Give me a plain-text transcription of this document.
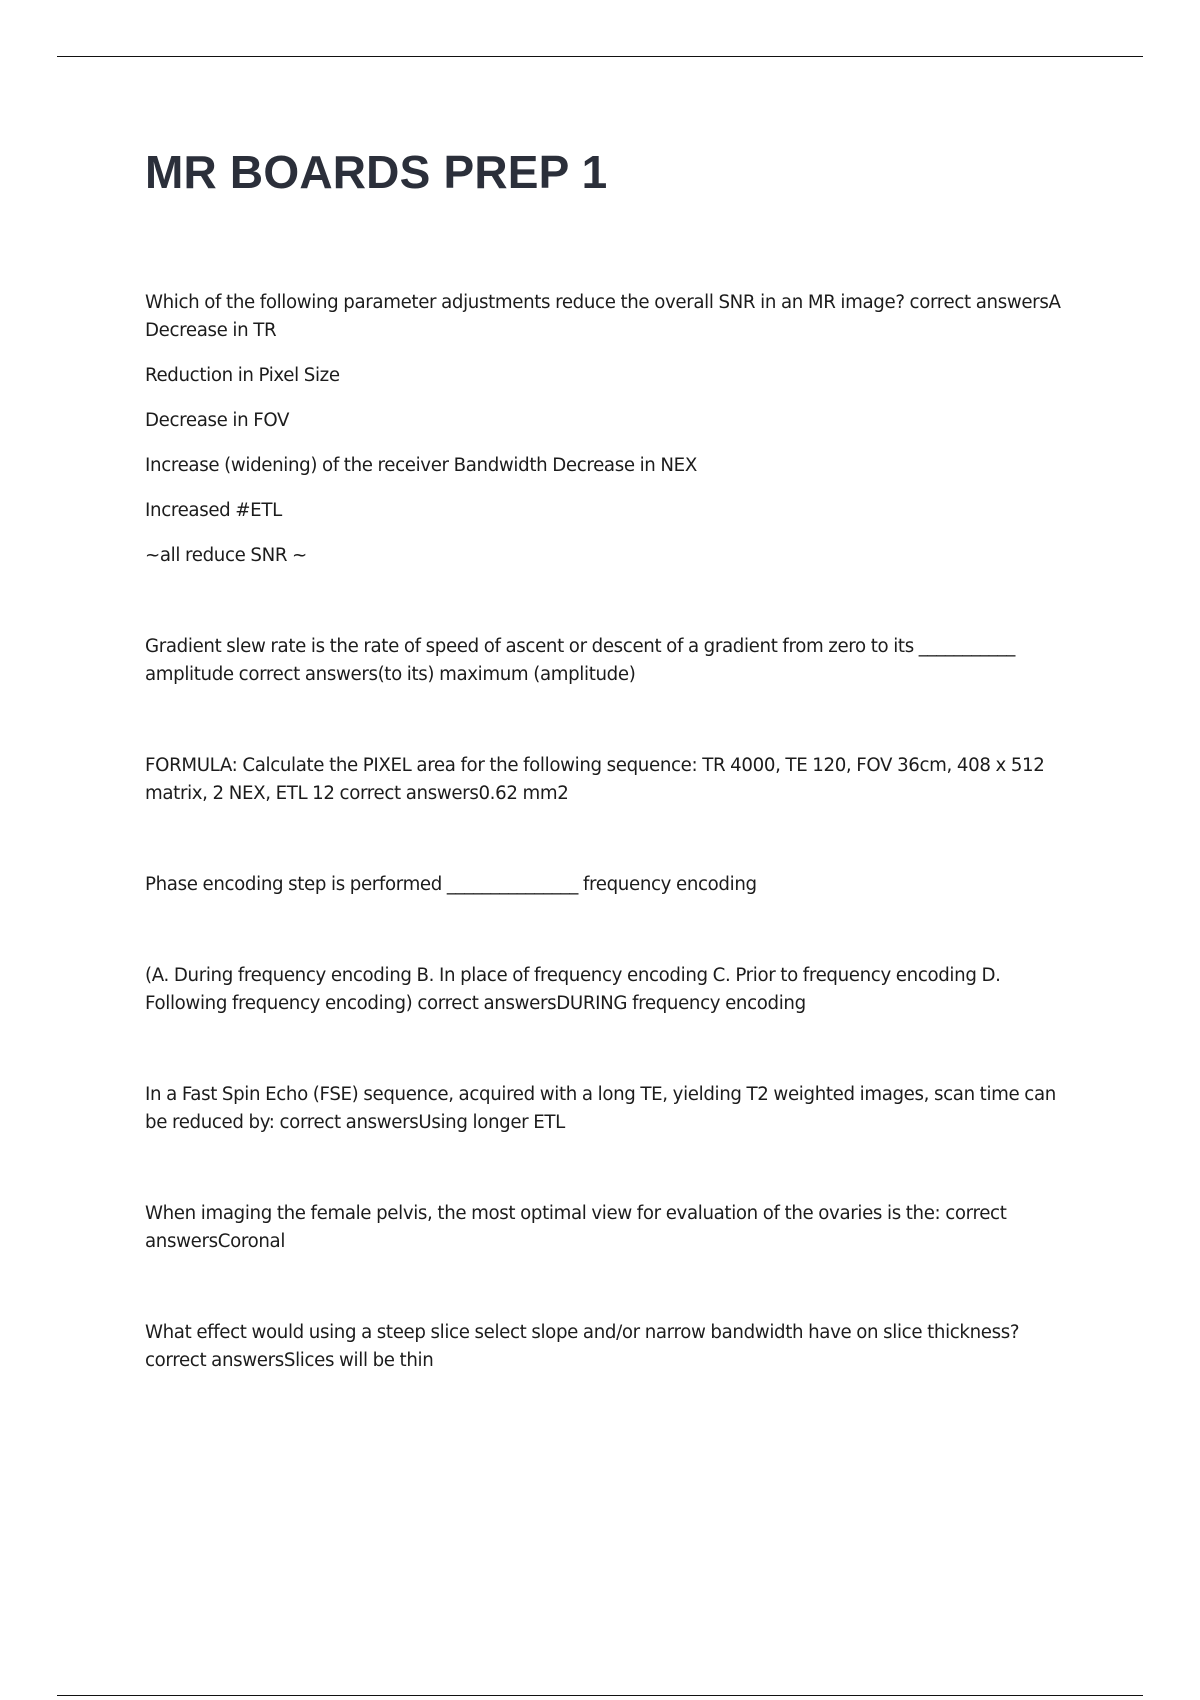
MR BOARDS PREP 1

Which of the following parameter adjustments reduce the overall SNR in an MR image? correct answersA Decrease in TR

Reduction in Pixel Size

Decrease in FOV

Increase (widening) of the receiver Bandwidth Decrease in NEX

Increased #ETL

~all reduce SNR ~

Gradient slew rate is the rate of speed of ascent or descent of a gradient from zero to its ___________ amplitude correct answers(to its) maximum (amplitude)

FORMULA: Calculate the PIXEL area for the following sequence: TR 4000, TE 120, FOV 36cm, 408 x 512 matrix, 2 NEX, ETL 12 correct answers0.62 mm2

Phase encoding step is performed _______________ frequency encoding

(A. During frequency encoding B. In place of frequency encoding C. Prior to frequency encoding D. Following frequency encoding) correct answersDURING frequency encoding

In a Fast Spin Echo (FSE) sequence, acquired with a long TE, yielding T2 weighted images, scan time can be reduced by: correct answersUsing longer ETL

When imaging the female pelvis, the most optimal view for evaluation of the ovaries is the: correct answersCoronal

What effect would using a steep slice select slope and/or narrow bandwidth have on slice thickness? correct answersSlices will be thin
